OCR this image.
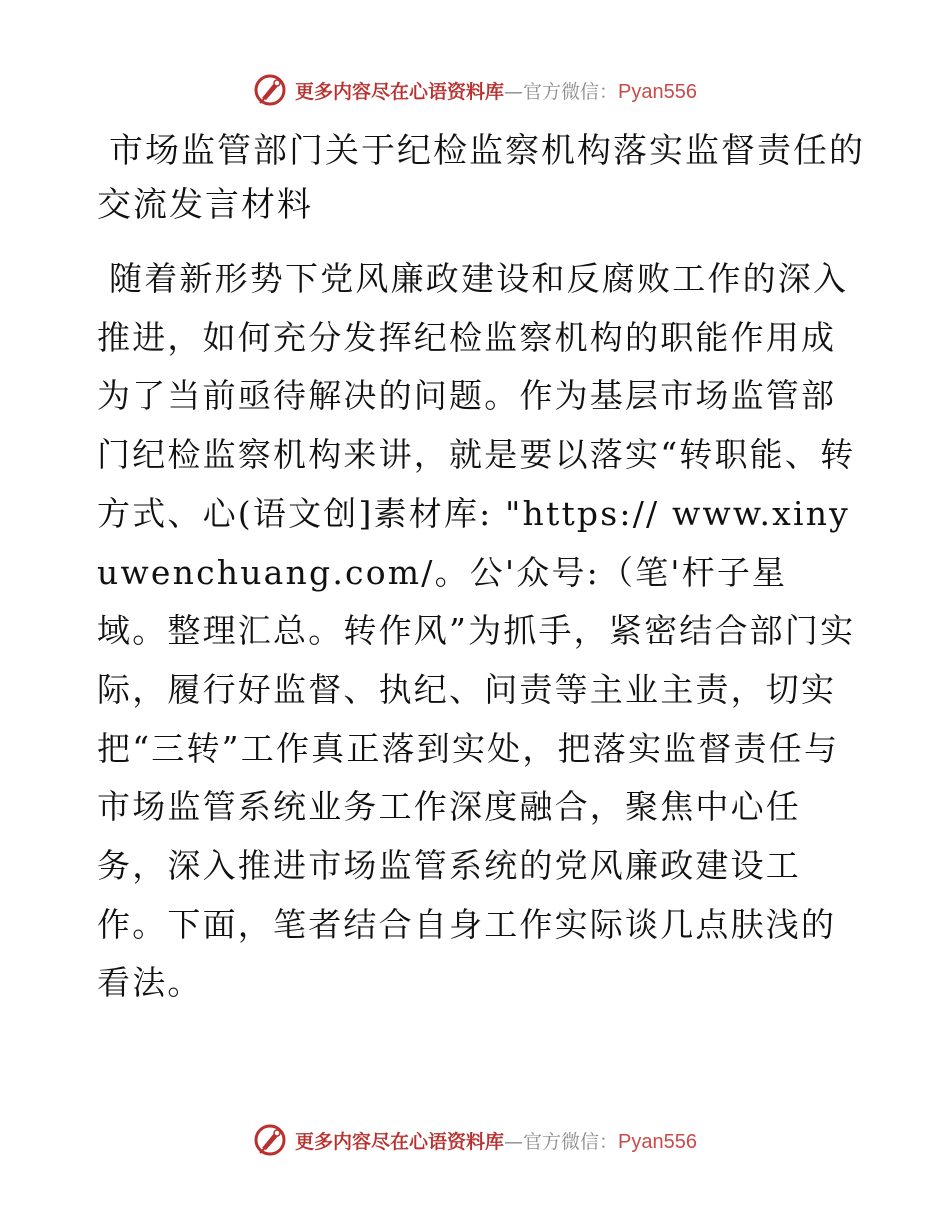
更多内容尽在心语资料库 — 官方微信： Pyan556
市场监管部门关于纪检监察机构落实监督责任的交流发言材料

随着新形势下党风廉政建设和反腐败工作的深入推进，如何充分发挥纪检监察机构的职能作用成为了当前亟待解决的问题。作为基层市场监管部门纪检监察机构来讲，就是要以落实“转职能、转方式、心(语文创]素材库: "https:// www.xinyuwenchuang.com/。公'众号:（笔'杆子星域。整理汇总。转作风”为抓手，紧密结合部门实际，履行好监督、执纪、问责等主业主责，切实把“三转”工作真正落到实处，把落实监督责任与市场监管系统业务工作深度融合，聚焦中心任务，深入推进市场监管系统的党风廉政建设工作。下面，笔者结合自身工作实际谈几点肤浅的看法。

更多内容尽在心语资料库 — 官方微信： Pyan556
